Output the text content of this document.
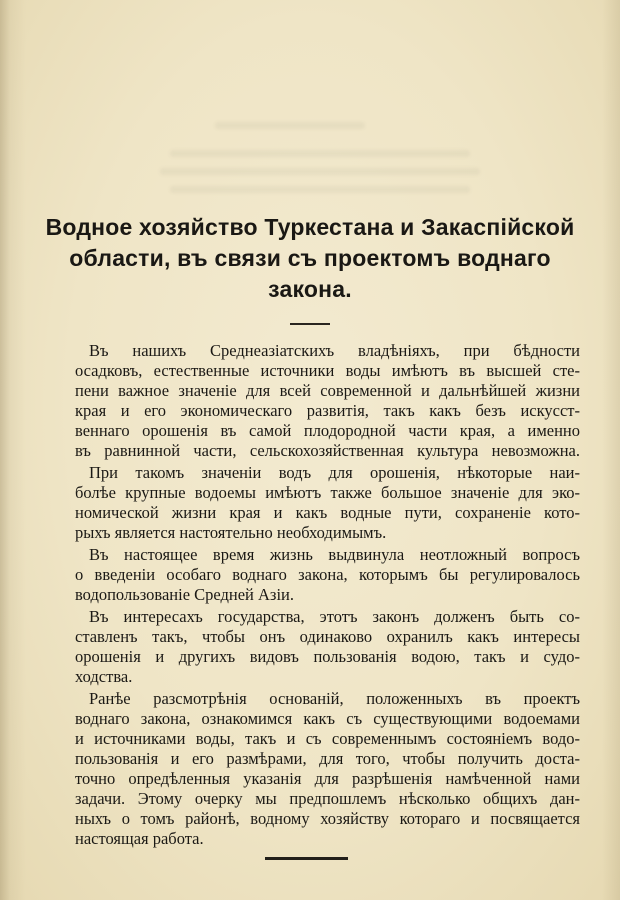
Водное хозяйство Туркестана и Закаспійской
области, въ связи съ проектомъ воднаго
закона.
Въ нашихъ Среднеазіатскихъ владѣніяхъ, при бѣдности
осадковъ, естественные источники воды имѣютъ въ высшей сте-
пени важное значеніе для всей современной и дальнѣйшей жизни
края и его экономическаго развитія, такъ какъ безъ искусст-
веннаго орошенія въ самой плодородной части края, а именно
въ равнинной части, сельскохозяйственная культура невозможна.
При такомъ значеніи водъ для орошенія, нѣкоторые наи-
болѣе крупные водоемы имѣютъ также большое значеніе для эко-
номической жизни края и какъ водные пути, сохраненіе кото-
рыхъ является настоятельно необходимымъ.
Въ настоящее время жизнь выдвинула неотложный вопросъ
о введеніи особаго воднаго закона, которымъ бы регулировалось
водопользованіе Средней Азіи.
Въ интересахъ государства, этотъ законъ долженъ быть со-
ставленъ такъ, чтобы онъ одинаково охранилъ какъ интересы
орошенія и другихъ видовъ пользованія водою, такъ и судо-
ходства.
Ранѣе разсмотрѣнія основаній, положенныхъ въ проектъ
воднаго закона, ознакомимся какъ съ существующими водоемами
и источниками воды, такъ и съ современнымъ состояніемъ водо-
пользованія и его размѣрами, для того, чтобы получить доста-
точно опредѣленныя указанія для разрѣшенія намѣченной нами
задачи. Этому очерку мы предпошлемъ нѣсколько общихъ дан-
ныхъ о томъ районѣ, водному хозяйству котораго и посвящается
настоящая работа.
